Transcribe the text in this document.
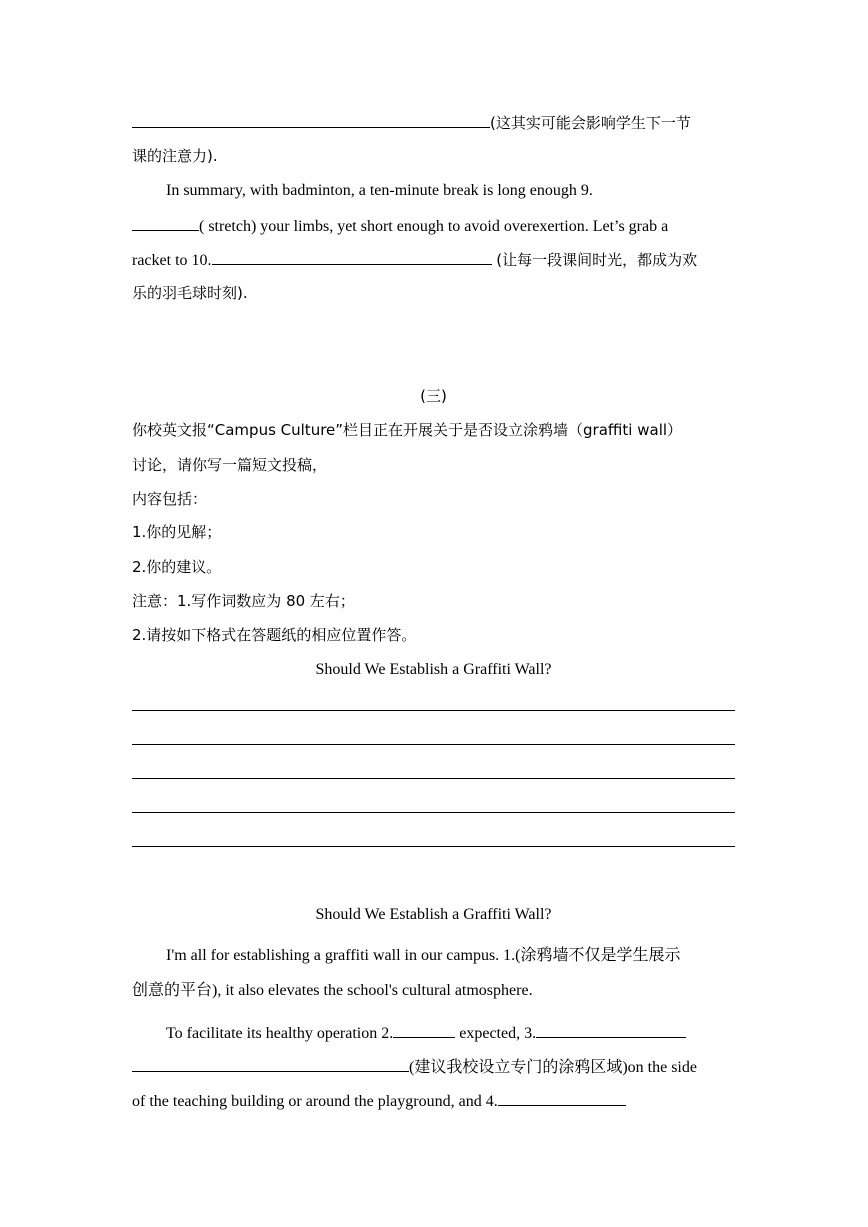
(这其实可能会影响学生下一节
课的注意力).
In summary, with badminton, a ten-minute break is long enough 9.
( stretch) your limbs, yet short enough to avoid overexertion. Let’s grab a
racket to 10.	(让每一段课间时光，都成为欢
乐的羽毛球时刻).
(三)
你校英文报“Campus Culture”栏目正在开展关于是否设立涂鸦墙（graffiti wall）
讨论，请你写一篇短文投稿，
内容包括：
1.你的见解；
2.你的建议。
注意：1.写作词数应为 80 左右；
2.请按如下格式在答题纸的相应位置作答。
Should We Establish a Graffiti Wall?
Should We Establish a Graffiti Wall?
I'm all for establishing a graffiti wall in our campus. 1.(涂鸦墙不仅是学生展示
创意的平台), it also elevates the school's cultural atmosphere.
To facilitate its healthy operation 2.	expected, 3.
(建议我校设立专门的涂鸦区域)on the side
of the teaching building or around the playground, and 4.
